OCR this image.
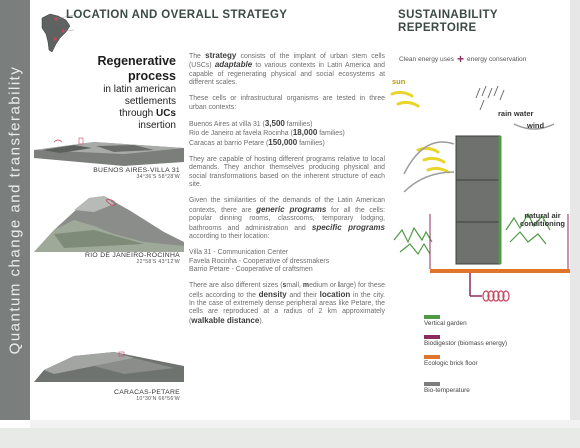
Quantum change and transferability
LOCATION AND OVERALL STRATEGY	SUSTAINABILITY
REPERTOIRE
Regenerative
process
in latin american
settlements
through UCs
insertion
BUENOS AIRES-VILLA 31
34°36'S 58°28'W
RIO DE JANEIRO-ROCINHA
22°58'S 43°12'W
CARACAS-PETARE
10°30'N 66°56'W

The strategy consists of the implant of urban stem cells (USCs) adaptable to various contexts in Latin America and capable of regenerating physical and social ecosystems at different scales.

These cells or infrastructural organisms are tested in three urban contexts:

Buenos Aires at villa 31 (3,500 families)
Rio de Janeiro at favela Rocinha (18,000 families)
Caracas at barrio Petare (150,000 families)

They are capable of hosting different programs relative to local demands. They anchor themselves producing physical and social transformations based on the inherent structure of each site.

Given the similarities of the demands of the Latin American contexts, there are generic programs for all the cells: popular dinning rooms, classrooms, temporary lodging, bathrooms and administration and specific programs according to their location:

Villa 31 - Communication Center
Favela Rocinha - Cooperative of dressmakers
Barrio Petare - Cooperative of craftsmen

There are also different sizes (small, medium or large) for these cells according to the density and their location in the city. In the case of extremely dense peripheral areas like Petare, the cells are reproduced at a radius of 2 km approximately (walkable distance).

Clean energy uses + energy conservation
sun
rain water
wind
natural air
conditioning
Vertical garden
Biodigestor (biomass energy)
Ecologic brick floor
Bio-temperature
